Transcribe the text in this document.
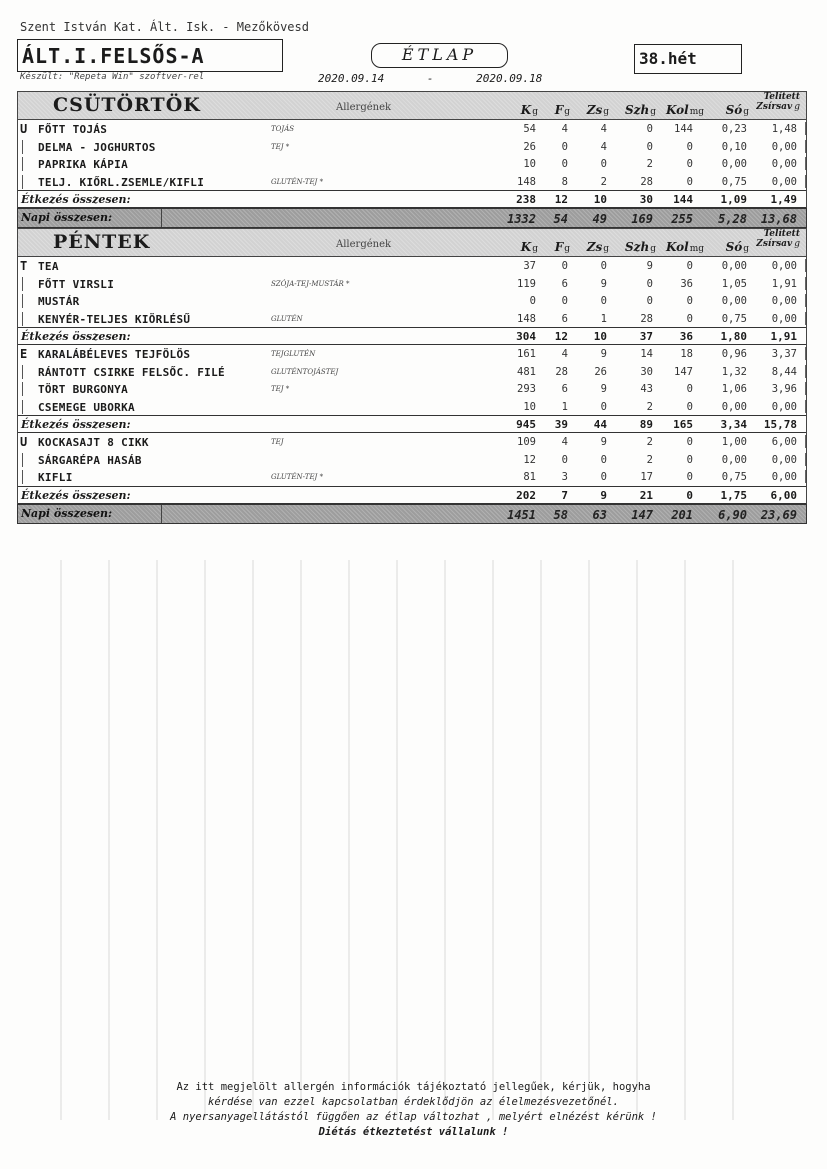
Szent István Kat. Ált. Isk. - Mezőkövesd
ÁLT.I.FELSŐS-A	ÉTLAP	38.hét
Készült: "Repeta Win" szoftver-rel	2020.09.14	-	2020.09.18
CSÜTÖRTÖK	Allergének	Kg Fg Zsg Szhg Kolmg Sóg
Telített
Zsírsav g
U FŐTT TOJÁS	TOJÁS	54 4	4	0 144	0,23 1,48
DELMA - JOGHURTOS	TEJ *	26 0	4	0	0	0,10 0,00
PAPRIKA KÁPIA	10 0	0	2	0	0,00 0,00
TELJ. KIŐRL.ZSEMLE/KIFLI	GLUTÉN-TEJ *	148 8	2	28	0	0,75 0,00
Étkezés összesen:	238 12 10	30 144	1,09 1,49
Napi összesen:	1332 54 49 169 255 5,28 13,68
PÉNTEK	Allergének	Kg Fg Zsg Szhg Kolmg Sóg
Telített
Zsírsav g
T TEA	37 0	0	9	0	0,00 0,00
FŐTT VIRSLI	SZÓJA-TEJ-MUSTÁR *	119 6	9	0	36	1,05 1,91
MUSTÁR	0 0	0	0	0	0,00 0,00
KENYÉR-TELJES KIÖRLÉSŰ	GLUTÉN	148 6	1	28	0	0,75 0,00
Étkezés összesen:	304 12 10	37 36	1,80 1,91
E KARALÁBÉLEVES TEJFÖLÖS	TEJGLUTÉN	161 4	9	14	18	0,96 3,37
RÁNTOTT CSIRKE FELSŐC. FILÉ	GLUTÉNTOJÁSTEJ	481 28	26	30 147	1,32 8,44
TÖRT BURGONYA	TEJ *	293 6	9	43	0	1,06 3,96
CSEMEGE UBORKA	10 1	0	2	0	0,00 0,00
Étkezés összesen:	945 39 44	89 165	3,34 15,78
U KOCKASAJT 8 CIKK	TEJ	109 4	9	2	0	1,00 6,00
SÁRGARÉPA HASÁB	12 0	0	2	0	0,00 0,00
KIFLI	GLUTÉN-TEJ *	81 3	0	17	0	0,75 0,00
Étkezés összesen:	202 7	9	21	0	1,75 6,00
Napi összesen:	1451 58 63 147 201 6,90 23,69
Az itt megjelölt allergén információk tájékoztató jellegűek, kérjük, hogyha
kérdése van ezzel kapcsolatban érdeklődjön az élelmezésvezetőnél.
A nyersanyagellátástól függően az étlap változhat , melyért elnézést kérünk !
Diétás étkeztetést vállalunk !
